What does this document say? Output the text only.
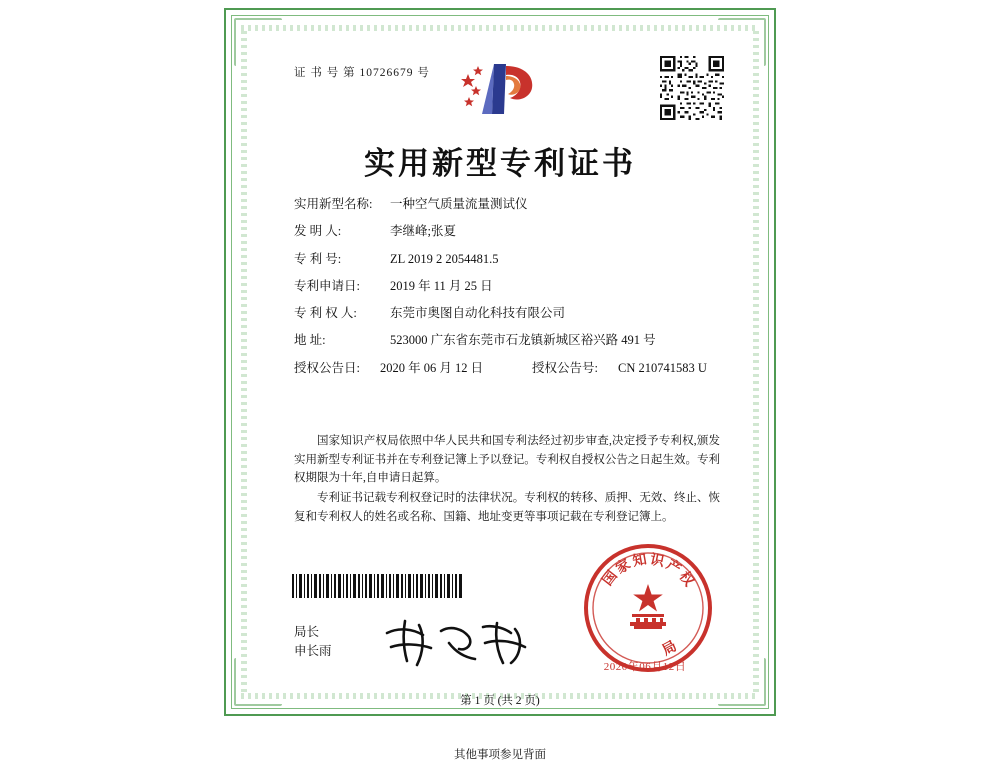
证 书 号 第 10726679 号
实用新型专利证书
实用新型名称:	一种空气质量流量测试仪
发 明 人:	李继峰;张夏
专 利 号:	ZL 2019 2 2054481.5
专利申请日:	2019 年 11 月 25 日
专 利 权 人:	东莞市奥图自动化科技有限公司
地 址:	523000 广东省东莞市石龙镇新城区裕兴路 491 号
授权公告日:	2020 年 06 月 12 日	授权公告号:	CN 210741583 U

国家知识产权局依照中华人民共和国专利法经过初步审查,决定授予专利权,颁发实用新型专利证书并在专利登记簿上予以登记。专利权自授权公告之日起生效。专利权期限为十年,自申请日起算。

专利证书记载专利权登记时的法律状况。专利权的转移、质押、无效、终止、恢复和专利权人的姓名或名称、国籍、地址变更等事项记载在专利登记簿上。

局长
申长雨
国
家
知 识
产
权
局
2020年06月12日
第 1 页 (共 2 页)
其他事项参见背面
